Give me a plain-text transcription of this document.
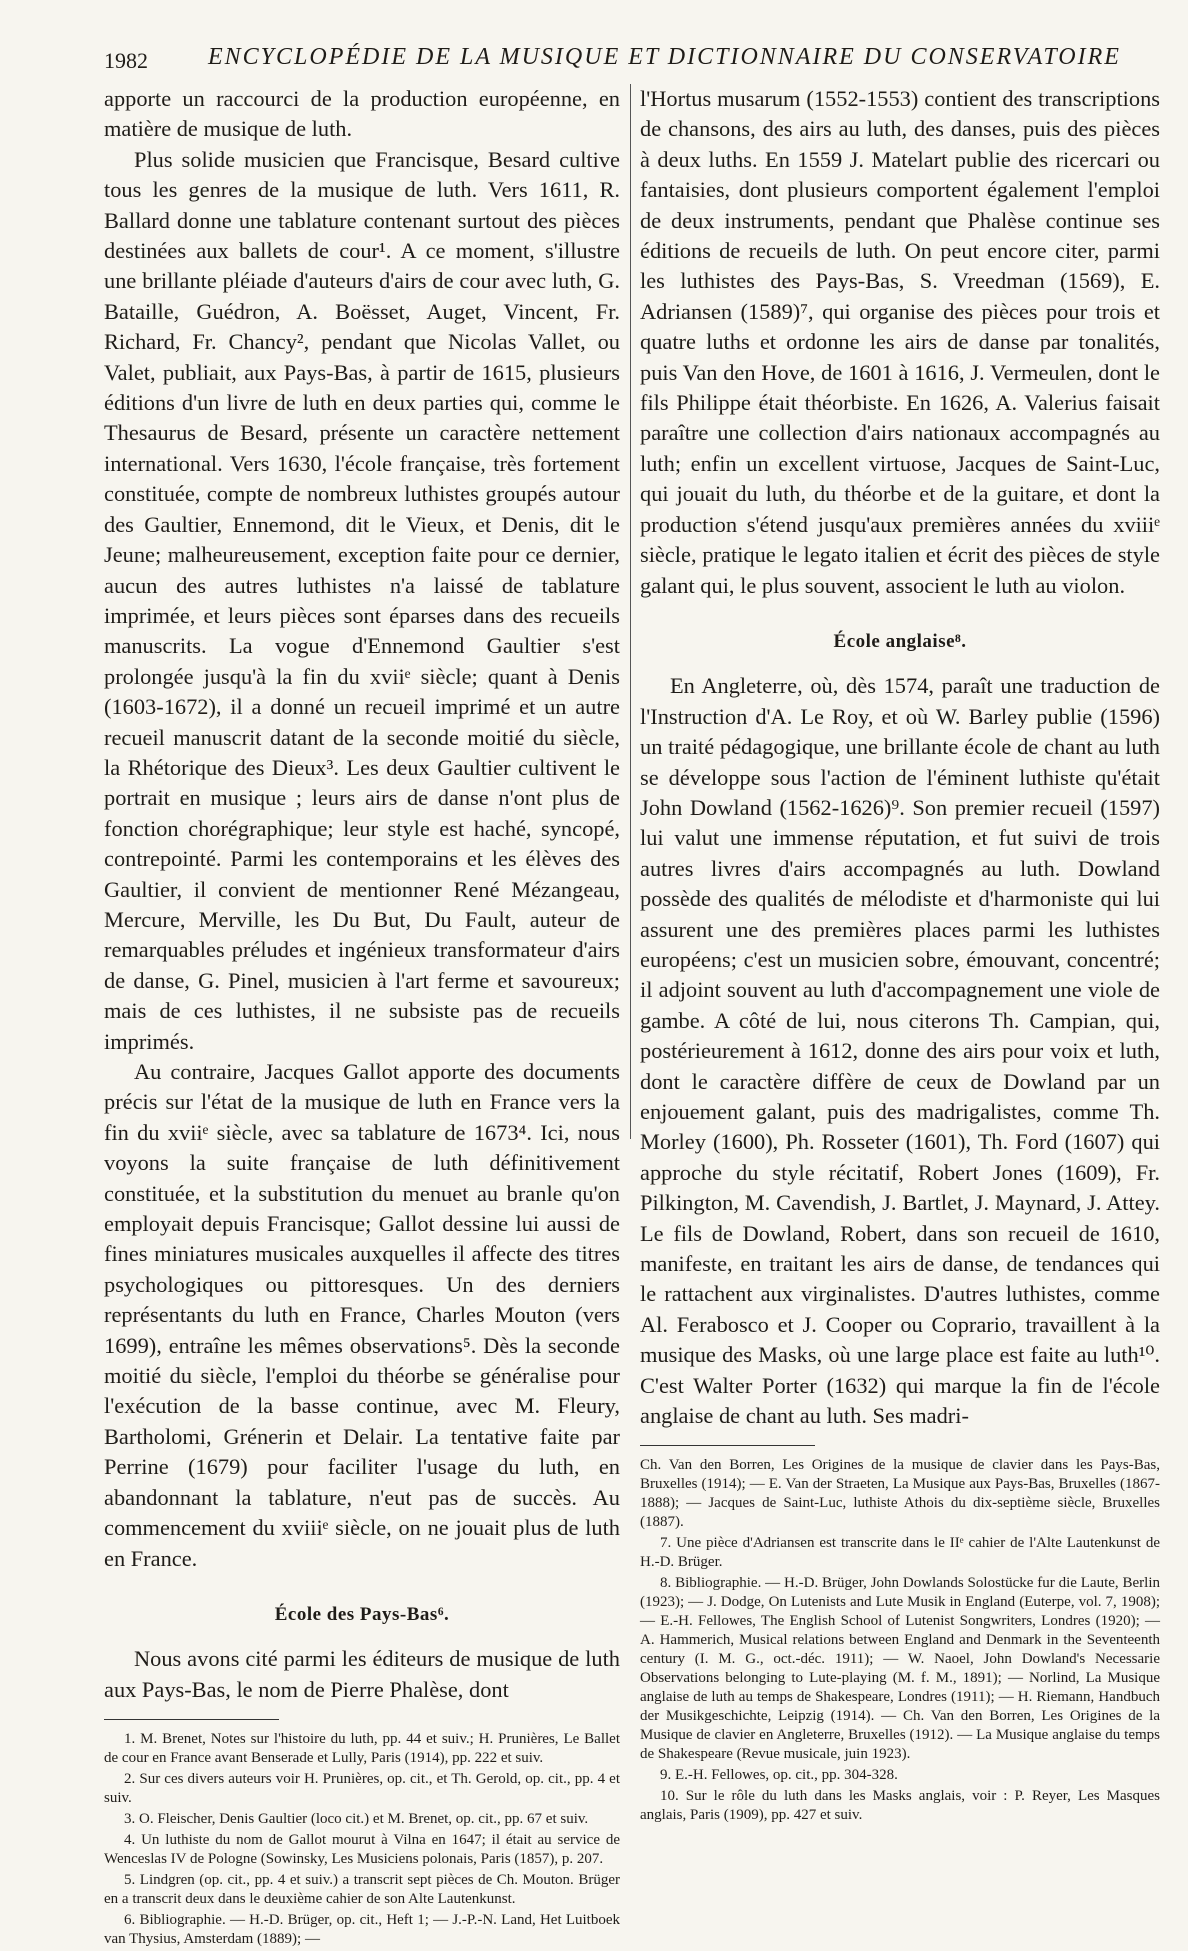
1982	ENCYCLOPÉDIE DE LA MUSIQUE ET DICTIONNAIRE DU CONSERVATOIRE

apporte un raccourci de la production européenne, en matière de musique de luth.

Plus solide musicien que Francisque, Besard cultive tous les genres de la musique de luth. Vers 1611, R. Ballard donne une tablature contenant surtout des pièces destinées aux ballets de cour¹. A ce moment, s'illustre une brillante pléiade d'auteurs d'airs de cour avec luth, G. Bataille, Guédron, A. Boësset, Auget, Vincent, Fr. Richard, Fr. Chancy², pendant que Nicolas Vallet, ou Valet, publiait, aux Pays-Bas, à partir de 1615, plusieurs éditions d'un livre de luth en deux parties qui, comme le Thesaurus de Besard, présente un caractère nettement international. Vers 1630, l'école française, très fortement constituée, compte de nombreux luthistes groupés autour des Gaultier, Ennemond, dit le Vieux, et Denis, dit le Jeune; malheureusement, exception faite pour ce dernier, aucun des autres luthistes n'a laissé de tablature imprimée, et leurs pièces sont éparses dans des recueils manuscrits. La vogue d'Ennemond Gaultier s'est prolongée jusqu'à la fin du xviiᵉ siècle; quant à Denis (1603-1672), il a donné un recueil imprimé et un autre recueil manuscrit datant de la seconde moitié du siècle, la Rhétorique des Dieux³. Les deux Gaultier cultivent le portrait en musique ; leurs airs de danse n'ont plus de fonction chorégraphique; leur style est haché, syncopé, contrepointé. Parmi les contemporains et les élèves des Gaultier, il convient de mentionner René Mézangeau, Mercure, Merville, les Du But, Du Fault, auteur de remarquables préludes et ingénieux transformateur d'airs de danse, G. Pinel, musicien à l'art ferme et savoureux; mais de ces luthistes, il ne subsiste pas de recueils imprimés.

Au contraire, Jacques Gallot apporte des documents précis sur l'état de la musique de luth en France vers la fin du xviiᵉ siècle, avec sa tablature de 1673⁴. Ici, nous voyons la suite française de luth définitivement constituée, et la substitution du menuet au branle qu'on employait depuis Francisque; Gallot dessine lui aussi de fines miniatures musicales auxquelles il affecte des titres psychologiques ou pittoresques. Un des derniers représentants du luth en France, Charles Mouton (vers 1699), entraîne les mêmes observations⁵. Dès la seconde moitié du siècle, l'emploi du théorbe se généralise pour l'exécution de la basse continue, avec M. Fleury, Bartholomi, Grénerin et Delair. La tentative faite par Perrine (1679) pour faciliter l'usage du luth, en abandonnant la tablature, n'eut pas de succès. Au commencement du xviiiᵉ siècle, on ne jouait plus de luth en France.

École des Pays-Bas⁶.

Nous avons cité parmi les éditeurs de musique de luth aux Pays-Bas, le nom de Pierre Phalèse, dont

1. M. Brenet, Notes sur l'histoire du luth, pp. 44 et suiv.; H. Prunières, Le Ballet de cour en France avant Benserade et Lully, Paris (1914), pp. 222 et suiv.

2. Sur ces divers auteurs voir H. Prunières, op. cit., et Th. Gerold, op. cit., pp. 4 et suiv.

3. O. Fleischer, Denis Gaultier (loco cit.) et M. Brenet, op. cit., pp. 67 et suiv.

4. Un luthiste du nom de Gallot mourut à Vilna en 1647; il était au service de Wenceslas IV de Pologne (Sowinsky, Les Musiciens polonais, Paris (1857), p. 207.

5. Lindgren (op. cit., pp. 4 et suiv.) a transcrit sept pièces de Ch. Mouton. Brüger en a transcrit deux dans le deuxième cahier de son Alte Lautenkunst.

6. Bibliographie. — H.-D. Brüger, op. cit., Heft 1; — J.-P.-N. Land, Het Luitboek van Thysius, Amsterdam (1889); —

l'Hortus musarum (1552-1553) contient des transcriptions de chansons, des airs au luth, des danses, puis des pièces à deux luths. En 1559 J. Matelart publie des ricercari ou fantaisies, dont plusieurs comportent également l'emploi de deux instruments, pendant que Phalèse continue ses éditions de recueils de luth. On peut encore citer, parmi les luthistes des Pays-Bas, S. Vreedman (1569), E. Adriansen (1589)⁷, qui organise des pièces pour trois et quatre luths et ordonne les airs de danse par tonalités, puis Van den Hove, de 1601 à 1616, J. Vermeulen, dont le fils Philippe était théorbiste. En 1626, A. Valerius faisait paraître une collection d'airs nationaux accompagnés au luth; enfin un excellent virtuose, Jacques de Saint-Luc, qui jouait du luth, du théorbe et de la guitare, et dont la production s'étend jusqu'aux premières années du xviiiᵉ siècle, pratique le legato italien et écrit des pièces de style galant qui, le plus souvent, associent le luth au violon.

École anglaise⁸.

En Angleterre, où, dès 1574, paraît une traduction de l'Instruction d'A. Le Roy, et où W. Barley publie (1596) un traité pédagogique, une brillante école de chant au luth se développe sous l'action de l'éminent luthiste qu'était John Dowland (1562-1626)⁹. Son premier recueil (1597) lui valut une immense réputation, et fut suivi de trois autres livres d'airs accompagnés au luth. Dowland possède des qualités de mélodiste et d'harmoniste qui lui assurent une des premières places parmi les luthistes européens; c'est un musicien sobre, émouvant, concentré; il adjoint souvent au luth d'accompagnement une viole de gambe. A côté de lui, nous citerons Th. Campian, qui, postérieurement à 1612, donne des airs pour voix et luth, dont le caractère diffère de ceux de Dowland par un enjouement galant, puis des madrigalistes, comme Th. Morley (1600), Ph. Rosseter (1601), Th. Ford (1607) qui approche du style récitatif, Robert Jones (1609), Fr. Pilkington, M. Cavendish, J. Bartlet, J. Maynard, J. Attey. Le fils de Dowland, Robert, dans son recueil de 1610, manifeste, en traitant les airs de danse, de tendances qui le rattachent aux virginalistes. D'autres luthistes, comme Al. Ferabosco et J. Cooper ou Coprario, travaillent à la musique des Masks, où une large place est faite au luth¹⁰. C'est Walter Porter (1632) qui marque la fin de l'école anglaise de chant au luth. Ses madri-

Ch. Van den Borren, Les Origines de la musique de clavier dans les Pays-Bas, Bruxelles (1914); — E. Van der Straeten, La Musique aux Pays-Bas, Bruxelles (1867-1888); — Jacques de Saint-Luc, luthiste Athois du dix-septième siècle, Bruxelles (1887).

7. Une pièce d'Adriansen est transcrite dans le IIᵉ cahier de l'Alte Lautenkunst de H.-D. Brüger.

8. Bibliographie. — H.-D. Brüger, John Dowlands Solostücke fur die Laute, Berlin (1923); — J. Dodge, On Lutenists and Lute Musik in England (Euterpe, vol. 7, 1908); — E.-H. Fellowes, The English School of Lutenist Songwriters, Londres (1920); — A. Hammerich, Musical relations between England and Denmark in the Seventeenth century (I. M. G., oct.-déc. 1911); — W. Naoel, John Dowland's Necessarie Observations belonging to Lute-playing (M. f. M., 1891); — Norlind, La Musique anglaise de luth au temps de Shakespeare, Londres (1911); — H. Riemann, Handbuch der Musikgeschichte, Leipzig (1914). — Ch. Van den Borren, Les Origines de la Musique de clavier en Angleterre, Bruxelles (1912). — La Musique anglaise du temps de Shakespeare (Revue musicale, juin 1923).

9. E.-H. Fellowes, op. cit., pp. 304-328.

10. Sur le rôle du luth dans les Masks anglais, voir : P. Reyer, Les Masques anglais, Paris (1909), pp. 427 et suiv.
